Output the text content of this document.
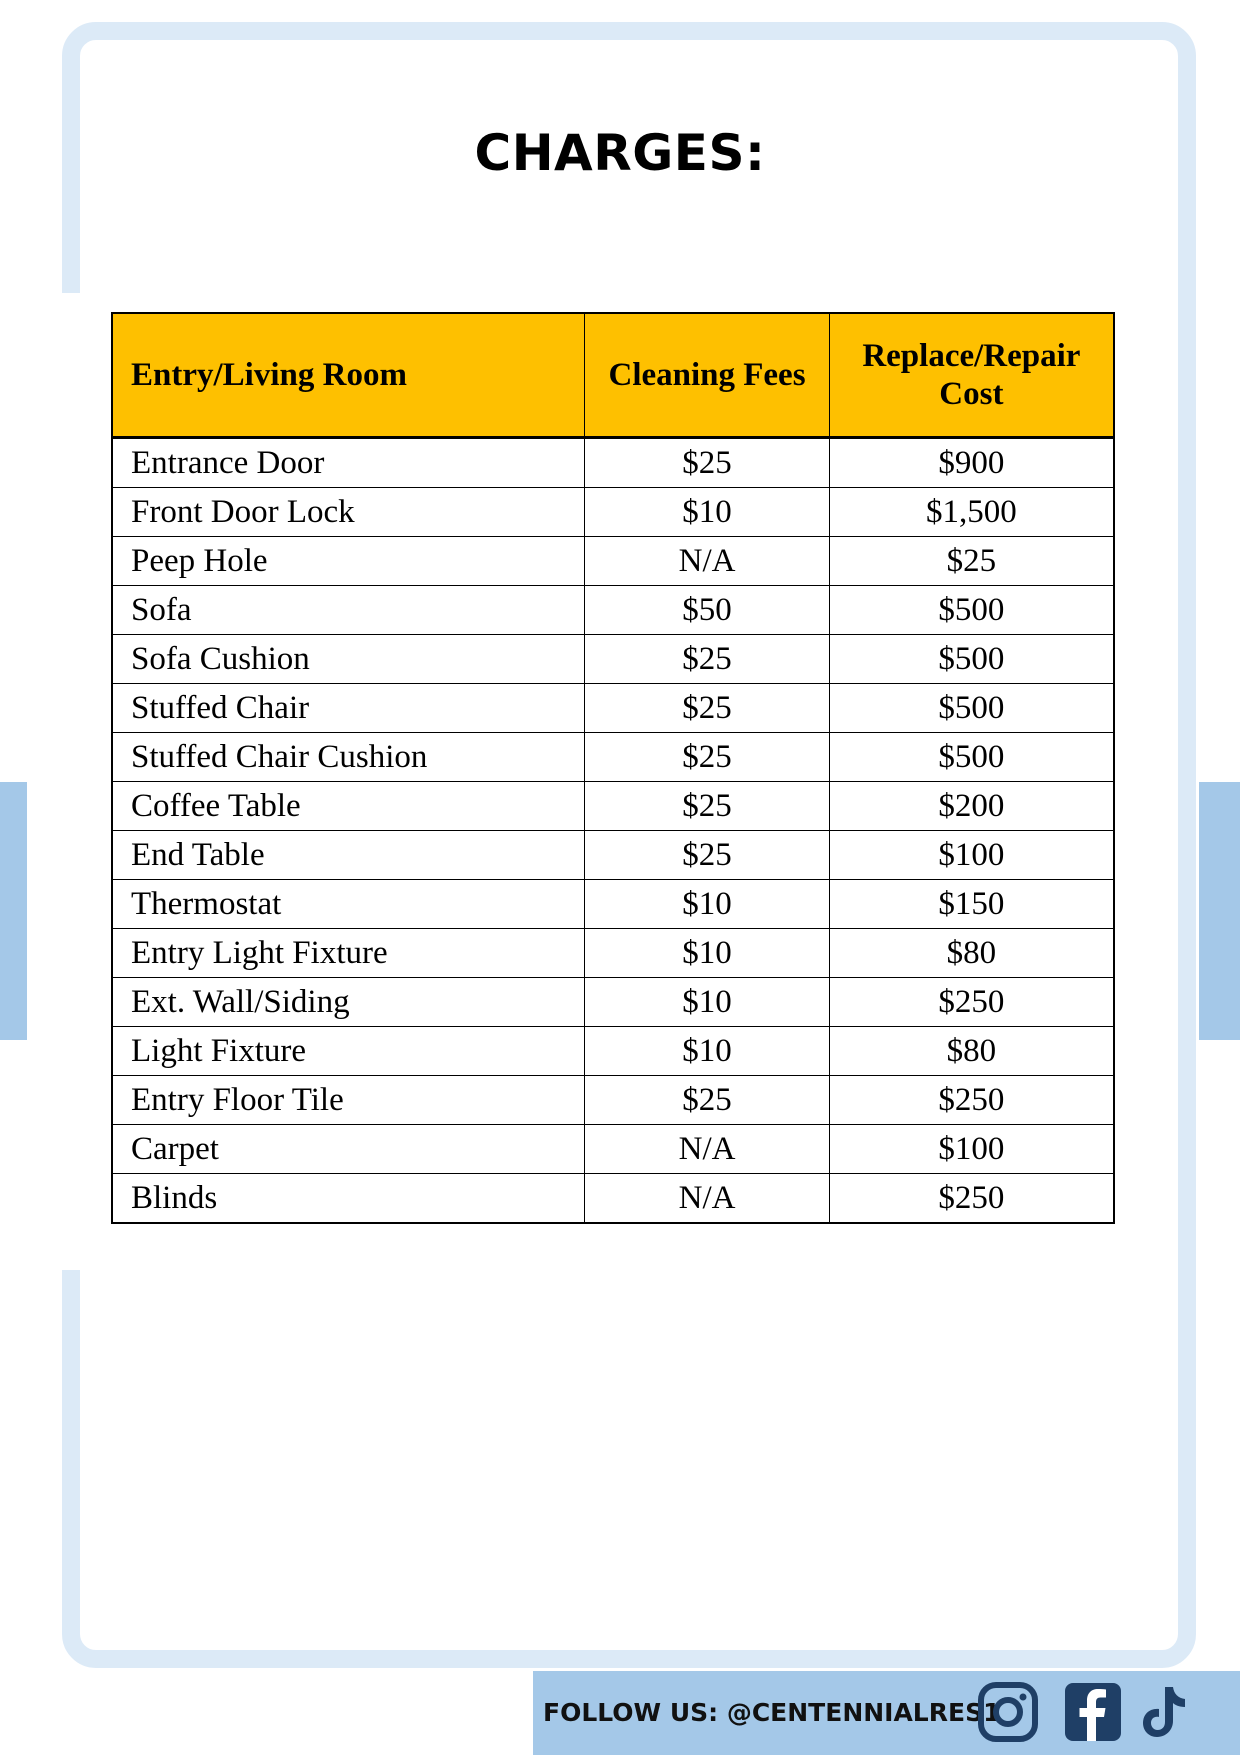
CHARGES:
Entry/Living Room	Cleaning Fees	Replace/Repair Cost
Entrance Door	$25	$900
Front Door Lock	$10	$1,500
Peep Hole	N/A	$25
Sofa	$50	$500
Sofa Cushion	$25	$500
Stuffed Chair	$25	$500
Stuffed Chair Cushion	$25	$500
Coffee Table	$25	$200
End Table	$25	$100
Thermostat	$10	$150
Entry Light Fixture	$10	$80
Ext. Wall/Siding	$10	$250
Light Fixture	$10	$80
Entry Floor Tile	$25	$250
Carpet	N/A	$100
Blinds	N/A	$250
FOLLOW US: @CENTENNIALRES1
